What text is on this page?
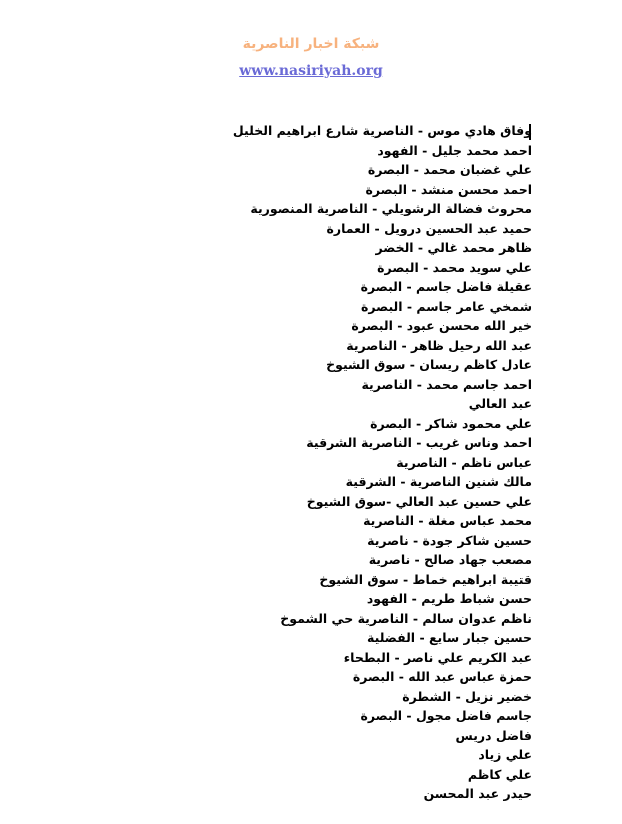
شبكة اخبار الناصرية
www.nasiriyah.org
وفاق هادي موس - الناصرية شارع ابراهيم الخليل
احمد محمد جليل - الفهود
علي غضبان محمد - البصرة
احمد محسن منشد - البصرة
محروث فضالة الرشويلي - الناصرية المنصورية
حميد عبد الحسين درويل - العمارة
ظاهر محمد غالي - الخضر
علي سويد محمد - البصرة
عقيلة فاضل جاسم - البصرة
شمخي عامر جاسم - البصرة
خير الله محسن عبود - البصرة
عبد الله رحيل ظاهر - الناصرية
عادل كاظم ريسان - سوق الشيوخ
احمد جاسم محمد - الناصرية
عبد العالي
علي محمود شاكر - البصرة
احمد وناس غريب - الناصرية الشرقية
عباس ناظم - الناصرية
مالك شنين الناصرية - الشرقية
علي حسين عبد العالي -سوق الشيوخ
محمد عباس مغلة - الناصرية
حسين شاكر جودة - ناصرية
مصعب جهاد صالح - ناصرية
قتيبة ابراهيم خماط - سوق الشيوخ
حسن شباط طريم - الفهود
ناظم عدوان سالم - الناصرية حي الشموخ
حسين جبار سايع - الفضلية
عبد الكريم علي ناصر - البطحاء
حمزة عباس عبد الله - البصرة
خضير نزيل - الشطرة
جاسم فاضل مجول - البصرة
فاضل دريس
علي زياد
علي كاظم
حيدر عبد المحسن
